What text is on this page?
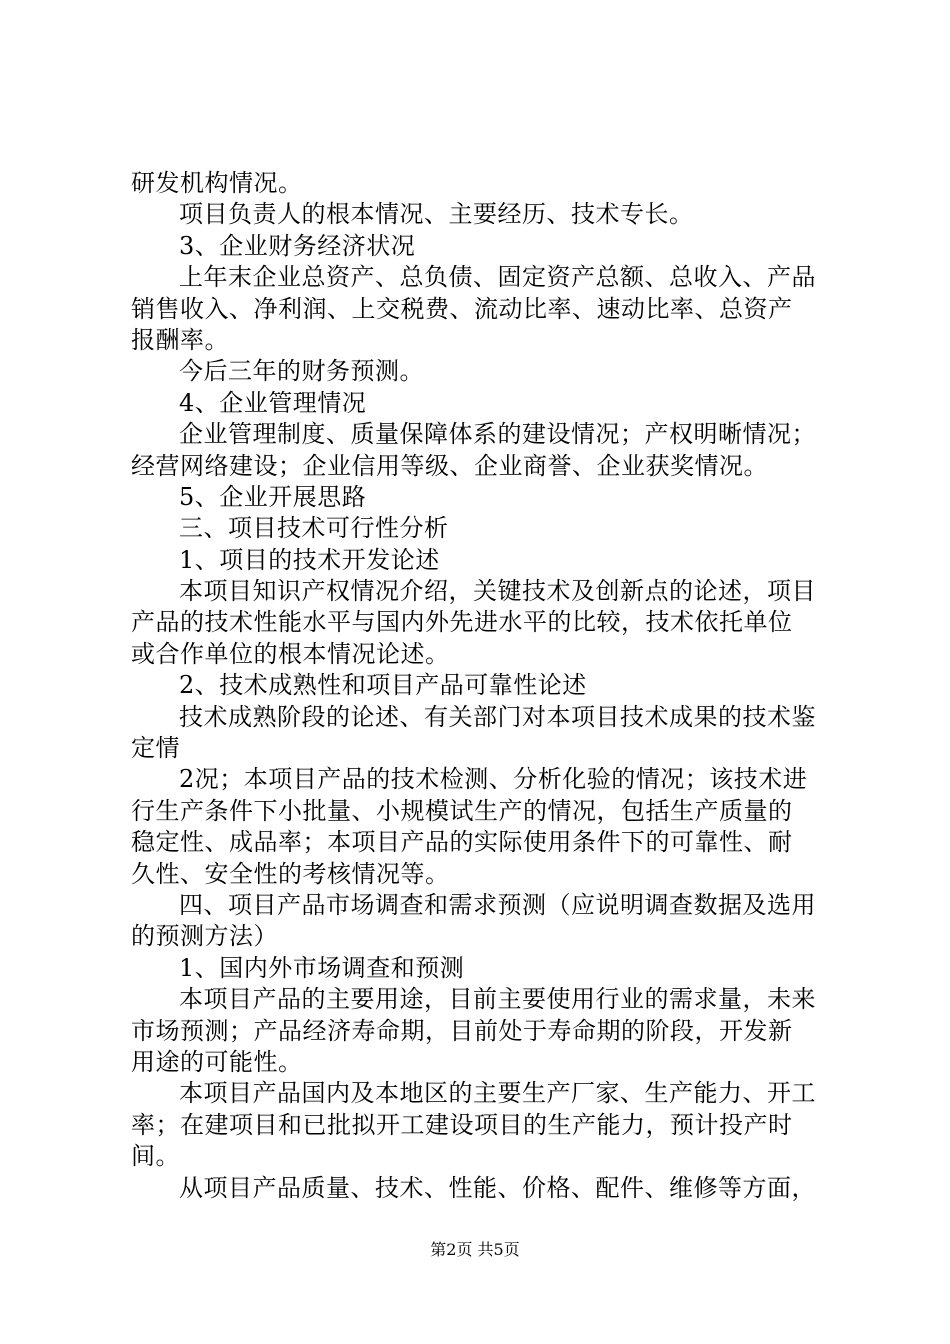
研发机构情况。
项目负责人的根本情况、主要经历、技术专长。
3、企业财务经济状况
上年末企业总资产、总负债、固定资产总额、总收入、产品
销售收入、净利润、上交税费、流动比率、速动比率、总资产
报酬率。
今后三年的财务预测。
4、企业管理情况
企业管理制度、质量保障体系的建设情况；产权明晰情况；
经营网络建设；企业信用等级、企业商誉、企业获奖情况。
5、企业开展思路
三、项目技术可行性分析
1、项目的技术开发论述
本项目知识产权情况介绍，关键技术及创新点的论述，项目
产品的技术性能水平与国内外先进水平的比较，技术依托单位
或合作单位的根本情况论述。
2、技术成熟性和项目产品可靠性论述
技术成熟阶段的论述、有关部门对本项目技术成果的技术鉴
定情
2况；本项目产品的技术检测、分析化验的情况；该技术进
行生产条件下小批量、小规模试生产的情况，包括生产质量的
稳定性、成品率；本项目产品的实际使用条件下的可靠性、耐
久性、安全性的考核情况等。
四、项目产品市场调查和需求预测（应说明调查数据及选用
的预测方法）
1、国内外市场调查和预测
本项目产品的主要用途，目前主要使用行业的需求量，未来
市场预测；产品经济寿命期，目前处于寿命期的阶段，开发新
用途的可能性。
本项目产品国内及本地区的主要生产厂家、生产能力、开工
率；在建项目和已批拟开工建设项目的生产能力，预计投产时
间。
从项目产品质量、技术、性能、价格、配件、维修等方面，
第2页 共5页
